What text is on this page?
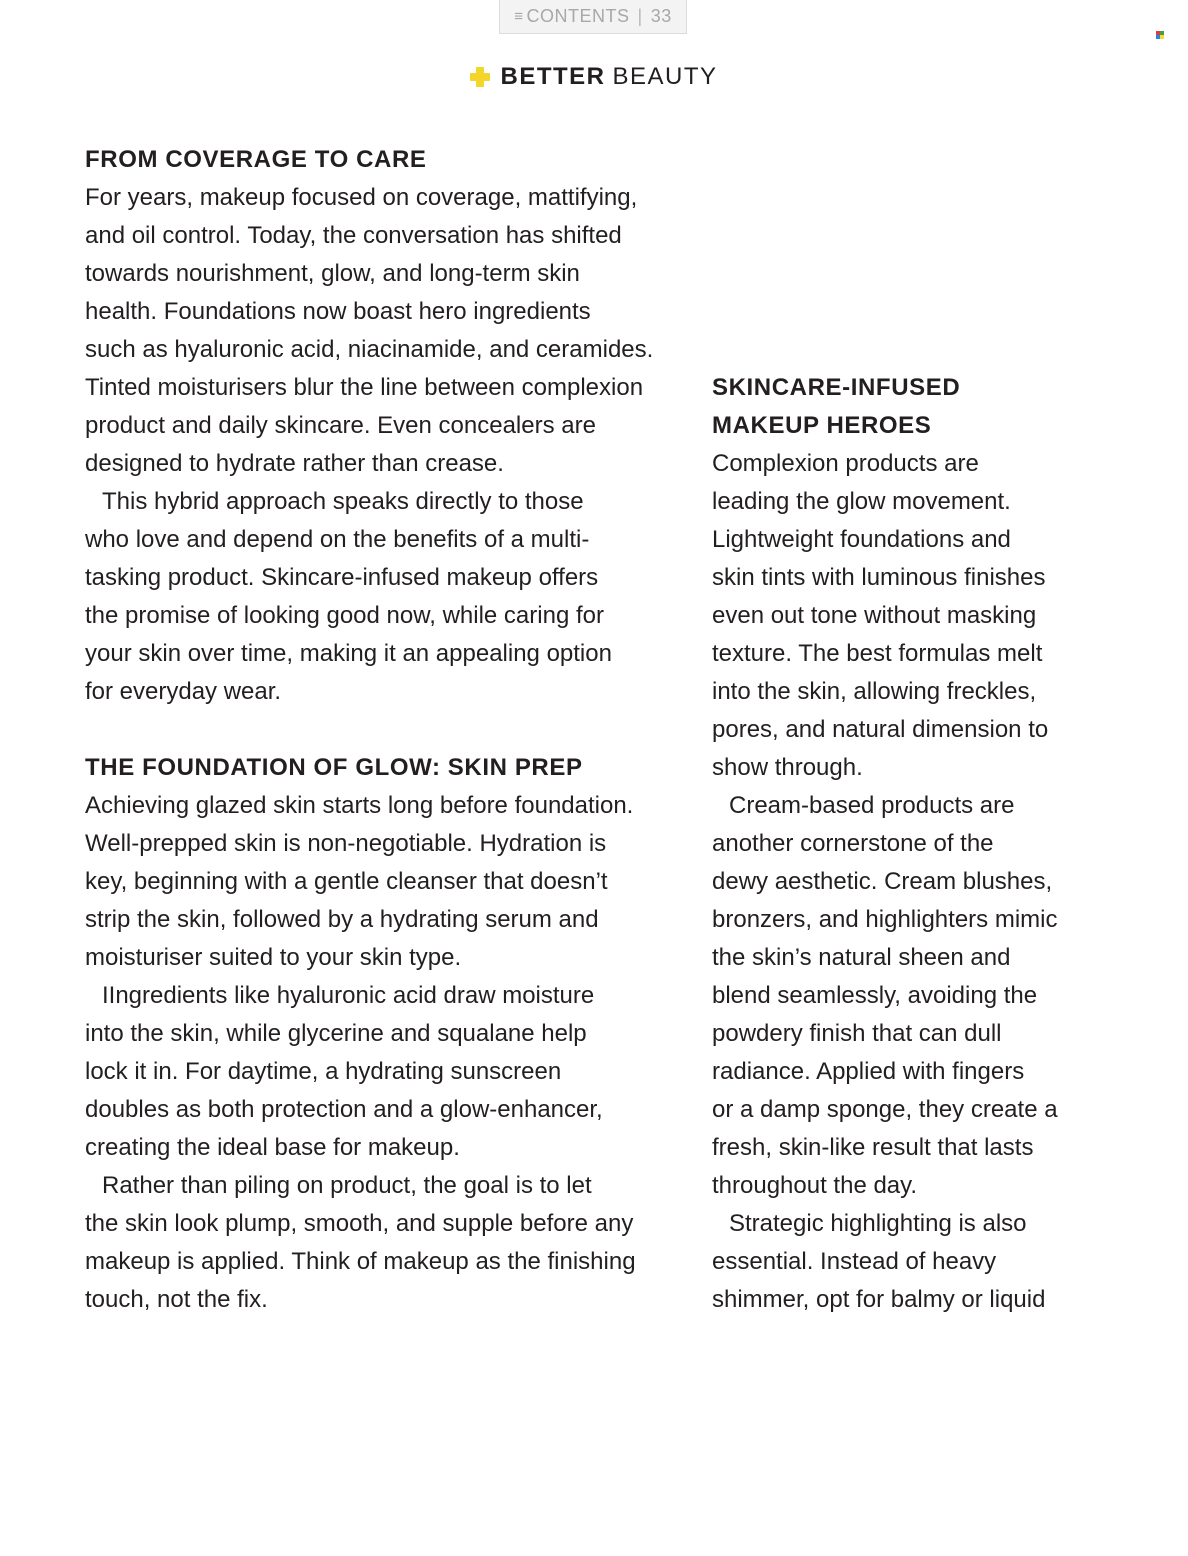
≡ CONTENTS | 33
BETTER BEAUTY
FROM COVERAGE TO CARE

For years, makeup focused on coverage, mattifying,
and oil control. Today, the conversation has shifted
towards nourishment, glow, and long-term skin
health. Foundations now boast hero ingredients
such as hyaluronic acid, niacinamide, and ceramides.
Tinted moisturisers blur the line between complexion
product and daily skincare. Even concealers are
designed to hydrate rather than crease.

This hybrid approach speaks directly to those
who love and depend on the benefits of a multi-
tasking product. Skincare-infused makeup offers
the promise of looking good now, while caring for
your skin over time, making it an appealing option
for everyday wear.

THE FOUNDATION OF GLOW: SKIN PREP

Achieving glazed skin starts long before foundation.
Well-prepped skin is non-negotiable. Hydration is
key, beginning with a gentle cleanser that doesn’t
strip the skin, followed by a hydrating serum and
moisturiser suited to your skin type.

IIngredients like hyaluronic acid draw moisture
into the skin, while glycerine and squalane help
lock it in. For daytime, a hydrating sunscreen
doubles as both protection and a glow-enhancer,
creating the ideal base for makeup.

Rather than piling on product, the goal is to let
the skin look plump, smooth, and supple before any
makeup is applied. Think of makeup as the finishing
touch, not the fix.

SKINCARE-INFUSED
MAKEUP HEROES

Complexion products are
leading the glow movement.
Lightweight foundations and
skin tints with luminous finishes
even out tone without masking
texture. The best formulas melt
into the skin, allowing freckles,
pores, and natural dimension to
show through.

Cream-based products are
another cornerstone of the
dewy aesthetic. Cream blushes,
bronzers, and highlighters mimic
the skin’s natural sheen and
blend seamlessly, avoiding the
powdery finish that can dull
radiance. Applied with fingers
or a damp sponge, they create a
fresh, skin-like result that lasts
throughout the day.

Strategic highlighting is also
essential. Instead of heavy
shimmer, opt for balmy or liquid
